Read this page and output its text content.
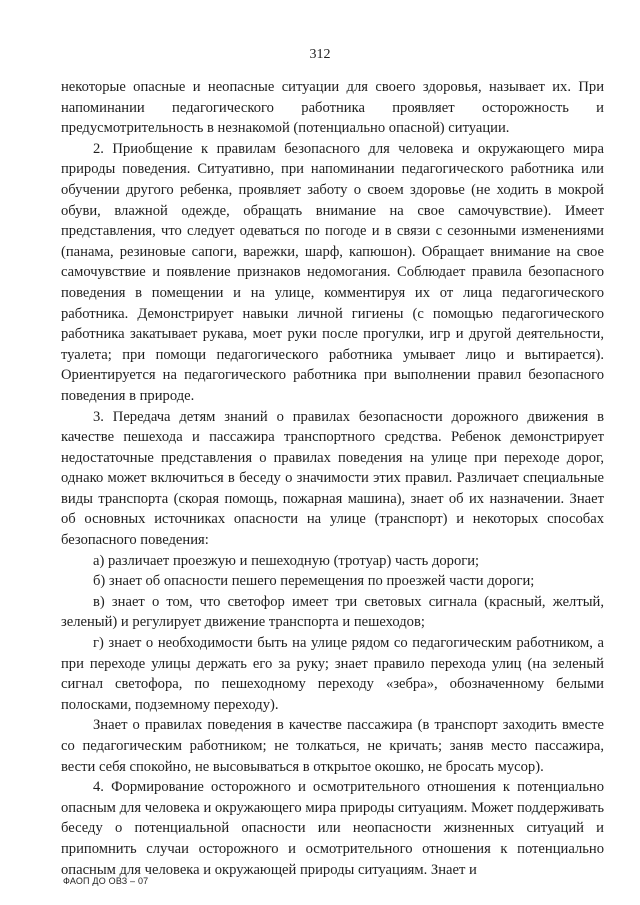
312

некоторые опасные и неопасные ситуации для своего здоровья, называет их. При напоминании педагогического работника проявляет осторожность и предусмотрительность в незнакомой (потенциально опасной) ситуации.

2. Приобщение к правилам безопасного для человека и окружающего мира природы поведения. Ситуативно, при напоминании педагогического работника или обучении другого ребенка, проявляет заботу о своем здоровье (не ходить в мокрой обуви, влажной одежде, обращать внимание на свое самочувствие). Имеет представления, что следует одеваться по погоде и в связи с сезонными изменениями (панама, резиновые сапоги, варежки, шарф, капюшон). Обращает внимание на свое самочувствие и появление признаков недомогания. Соблюдает правила безопасного поведения в помещении и на улице, комментируя их от лица педагогического работника. Демонстрирует навыки личной гигиены (с помощью педагогического работника закатывает рукава, моет руки после прогулки, игр и другой деятельности, туалета; при помощи педагогического работника умывает лицо и вытирается). Ориентируется на педагогического работника при выполнении правил безопасного поведения в природе.

3. Передача детям знаний о правилах безопасности дорожного движения в качестве пешехода и пассажира транспортного средства. Ребенок демонстрирует недостаточные представления о правилах поведения на улице при переходе дорог, однако может включиться в беседу о значимости этих правил. Различает специальные виды транспорта (скорая помощь, пожарная машина), знает об их назначении. Знает об основных источниках опасности на улице (транспорт) и некоторых способах безопасного поведения:

а) различает проезжую и пешеходную (тротуар) часть дороги;

б) знает об опасности пешего перемещения по проезжей части дороги;

в) знает о том, что светофор имеет три световых сигнала (красный, желтый, зеленый) и регулирует движение транспорта и пешеходов;

г) знает о необходимости быть на улице рядом со педагогическим работником, а при переходе улицы держать его за руку; знает правило перехода улиц (на зеленый сигнал светофора, по пешеходному переходу «зебра», обозначенному белыми полосками, подземному переходу).

Знает о правилах поведения в качестве пассажира (в транспорт заходить вместе со педагогическим работником; не толкаться, не кричать; заняв место пассажира, вести себя спокойно, не высовываться в открытое окошко, не бросать мусор).

4. Формирование осторожного и осмотрительного отношения к потенциально опасным для человека и окружающего мира природы ситуациям. Может поддерживать беседу о потенциальной опасности или неопасности жизненных ситуаций и припомнить случаи осторожного и осмотрительного отношения к потенциально опасным для человека и окружающей природы ситуациям. Знает и

ФАОП ДО ОВЗ – 07
